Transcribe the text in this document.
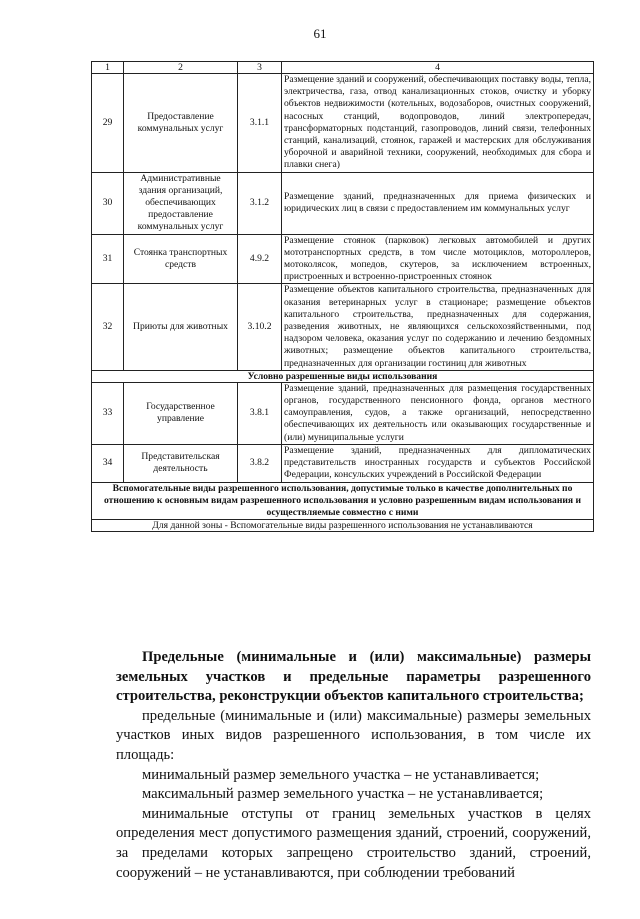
61
1	2	3	4
29	Предоставление коммунальных услуг	3.1.1	Размещение зданий и сооружений, обеспечивающих поставку воды, тепла, электричества, газа, отвод канализационных стоков, очистку и уборку объектов недвижимости (котельных, водозаборов, очистных сооружений, насосных станций, водопроводов, линий электропередач, трансформаторных подстанций, газопроводов, линий связи, телефонных станций, канализаций, стоянок, гаражей и мастерских для обслуживания уборочной и аварийной техники, сооружений, необходимых для сбора и плавки снега)
30	Административные здания организаций, обеспечивающих предоставление коммунальных услуг	3.1.2	Размещение зданий, предназначенных для приема физических и юридических лиц в связи с предоставлением им коммунальных услуг
31	Стоянка транспортных средств	4.9.2	Размещение стоянок (парковок) легковых автомобилей и других мототранспортных средств, в том числе мотоциклов, мотороллеров, мотоколясок, мопедов, скутеров, за исключением встроенных, пристроенных и встроенно-пристроенных стоянок
32	Приюты для животных	3.10.2	Размещение объектов капитального строительства, предназначенных для оказания ветеринарных услуг в стационаре; размещение объектов капитального строительства, предназначенных для содержания, разведения животных, не являющихся сельскохозяйственными, под надзором человека, оказания услуг по содержанию и лечению бездомных животных; размещение объектов капитального строительства, предназначенных для организации гостиниц для животных
Условно разрешенные виды использования			
33	Государственное управление	3.8.1	Размещение зданий, предназначенных для размещения государственных органов, государственного пенсионного фонда, органов местного самоуправления, судов, а также организаций, непосредственно обеспечивающих их деятельность или оказывающих государственные и (или) муниципальные услуги
34	Представительская деятельность	3.8.2	Размещение зданий, предназначенных для дипломатических представительств иностранных государств и субъектов Российской Федерации, консульских учреждений в Российской Федерации
Вспомогательные виды разрешенного использования, допустимые только в качестве дополнительных по отношению к основным видам разрешенного использования и условно разрешенным видам использования и осуществляемые совместно с ними			
Для данной зоны - Вспомогательные виды разрешенного использования не устанавливаются			

Предельные (минимальные и (или) максимальные) размеры земельных участков и предельные параметры разрешенного строительства, реконструкции объектов капитального строительства;

предельные (минимальные и (или) максимальные) размеры земельных участков иных видов разрешенного использования, в том числе их площадь:

минимальный размер земельного участка – не устанавливается;

максимальный размер земельного участка – не устанавливается;

минимальные отступы от границ земельных участков в целях определения мест допустимого размещения зданий, строений, сооружений, за пределами которых запрещено строительство зданий, строений, сооружений – не устанавливаются, при соблюдении требований
